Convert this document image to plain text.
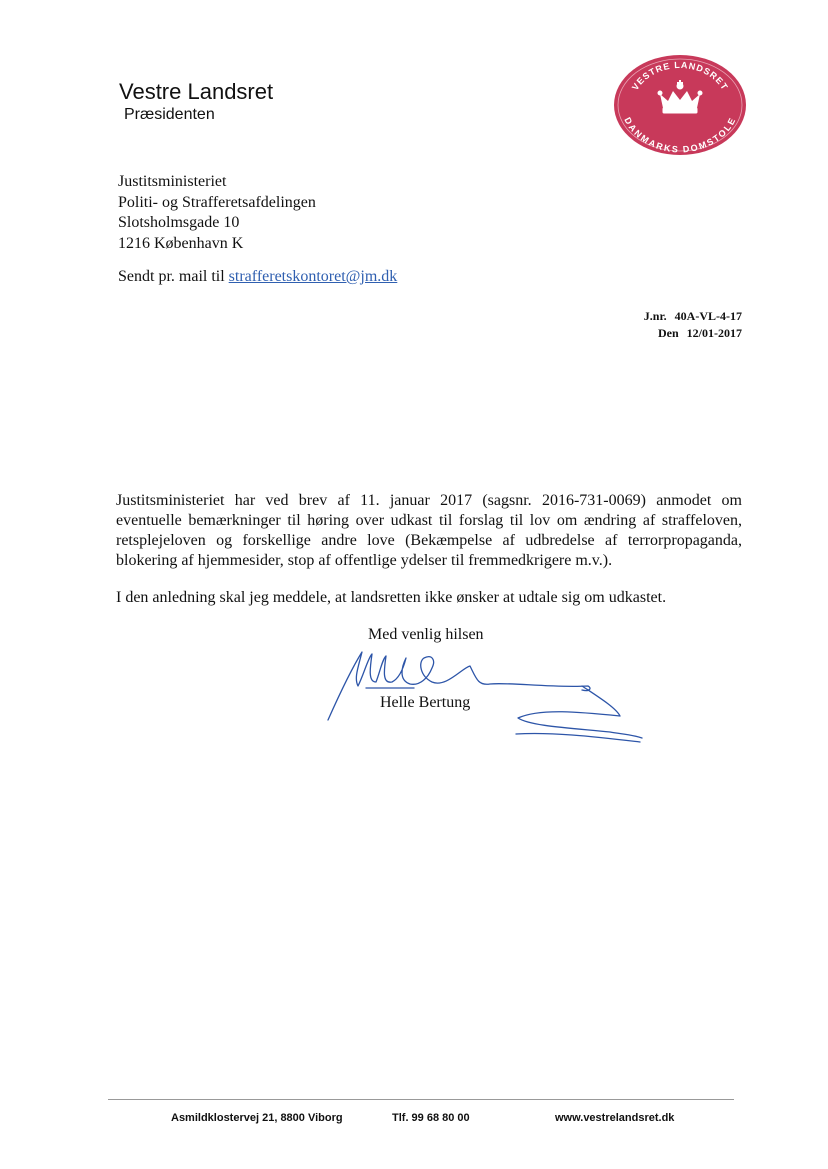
Vestre Landsret
Præsidenten
VESTRE LANDSRET
DANMARKS DOMSTOLE
Justitsministeriet
Politi- og Strafferetsafdelingen
Slotsholmsgade 10
1216 København K
Sendt pr. mail til strafferetskontoret@jm.dk
J.nr. 40A-VL-4-17
Den 12/01-2017

Justitsministeriet har ved brev af 11. januar 2017 (sagsnr. 2016-731-0069) anmodet om eventuelle bemærkninger til høring over udkast til forslag til lov om ændring af straffeloven, retsplejeloven og forskellige andre love (Bekæmpelse af udbredelse af terrorpropaganda, blokering af hjemmesider, stop af offentlige ydelser til fremmedkrigere m.v.).

I den anledning skal jeg meddele, at landsretten ikke ønsker at udtale sig om udkastet.

Med venlig hilsen
Helle Bertung
Asmildklostervej 21, 8800 Viborg	Tlf. 99 68 80 00	www.vestrelandsret.dk
